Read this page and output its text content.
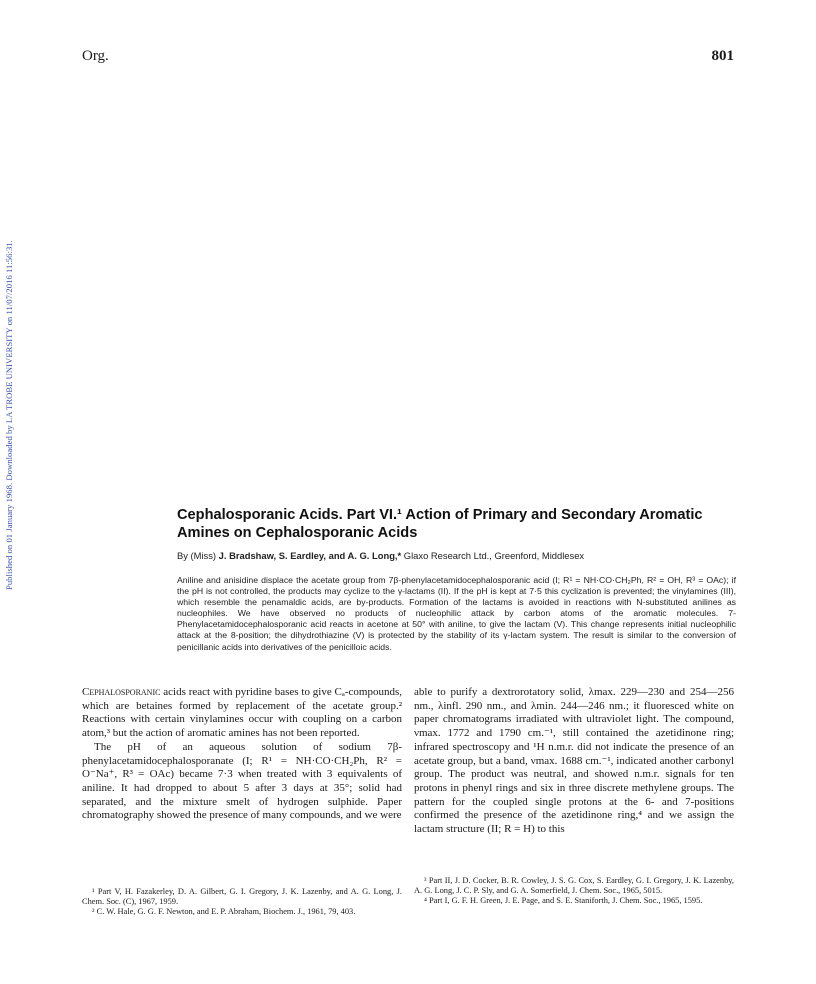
Published on 01 January 1968. Downloaded by LA TROBE UNIVERSITY on 11/07/2016 11:56:31.
Org.	801
Cephalosporanic Acids. Part VI.¹ Action of Primary and Secondary Aromatic Amines on Cephalosporanic Acids
By (Miss) J. Bradshaw, S. Eardley, and A. G. Long,* Glaxo Research Ltd., Greenford, Middlesex
Aniline and anisidine displace the acetate group from 7β-phenylacetamidocephalosporanic acid (I; R¹ = NH·CO·CH₂Ph, R² = OH, R³ = OAc); if the pH is not controlled, the products may cyclize to the γ-lactams (II). If the pH is kept at 7·5 this cyclization is prevented; the vinylamines (III), which resemble the penamaldic acids, are by-products. Formation of the lactams is avoided in reactions with N-substituted anilines as nucleophiles. We have observed no products of nucleophilic attack by carbon atoms of the aromatic molecules. 7-Phenylacetamidocephalosporanic acid reacts in acetone at 50° with aniline, to give the lactam (V). This change represents initial nucleophilic attack at the 8-position; the dihydrothiazine (V) is protected by the stability of its γ-lactam system. The result is similar to the conversion of penicillanic acids into derivatives of the penicilloic acids.

Cephalosporanic acids react with pyridine bases to give Cₐ-compounds, which are betaines formed by replacement of the acetate group.² Reactions with certain vinylamines occur with coupling on a carbon atom,³ but the action of aromatic amines has not been reported.

The pH of an aqueous solution of sodium 7β-phenylacetamidocephalosporanate (I; R¹ = NH·CO·CH₂Ph, R² = O⁻Na⁺, R³ = OAc) became 7·3 when treated with 3 equivalents of aniline. It had dropped to about 5 after 3 days at 35°; solid had separated, and the mixture smelt of hydrogen sulphide. Paper chromatography showed the presence of many compounds, and we were

able to purify a dextrorotatory solid, λmax. 229—230 and 254—256 nm., λinfl. 290 nm., and λmin. 244—246 nm.; it fluoresced white on paper chromatograms irradiated with ultraviolet light. The compound, νmax. 1772 and 1790 cm.⁻¹, still contained the azetidinone ring; infrared spectroscopy and ¹H n.m.r. did not indicate the presence of an acetate group, but a band, νmax. 1688 cm.⁻¹, indicated another carbonyl group. The product was neutral, and showed n.m.r. signals for ten protons in phenyl rings and six in three discrete methylene groups. The pattern for the coupled single protons at the 6- and 7-positions confirmed the presence of the azetidinone ring,⁴ and we assign the lactam structure (II; R = H) to this

¹ Part V, H. Fazakerley, D. A. Gilbert, G. I. Gregory, J. K. Lazenby, and A. G. Long, J. Chem. Soc. (C), 1967, 1959.

² C. W. Hale, G. G. F. Newton, and E. P. Abraham, Biochem. J., 1961, 79, 403.

³ Part II, J. D. Cocker, B. R. Cowley, J. S. G. Cox, S. Eardley, G. I. Gregory, J. K. Lazenby, A. G. Long, J. C. P. Sly, and G. A. Somerfield, J. Chem. Soc., 1965, 5015.

⁴ Part I, G. F. H. Green, J. E. Page, and S. E. Staniforth, J. Chem. Soc., 1965, 1595.
